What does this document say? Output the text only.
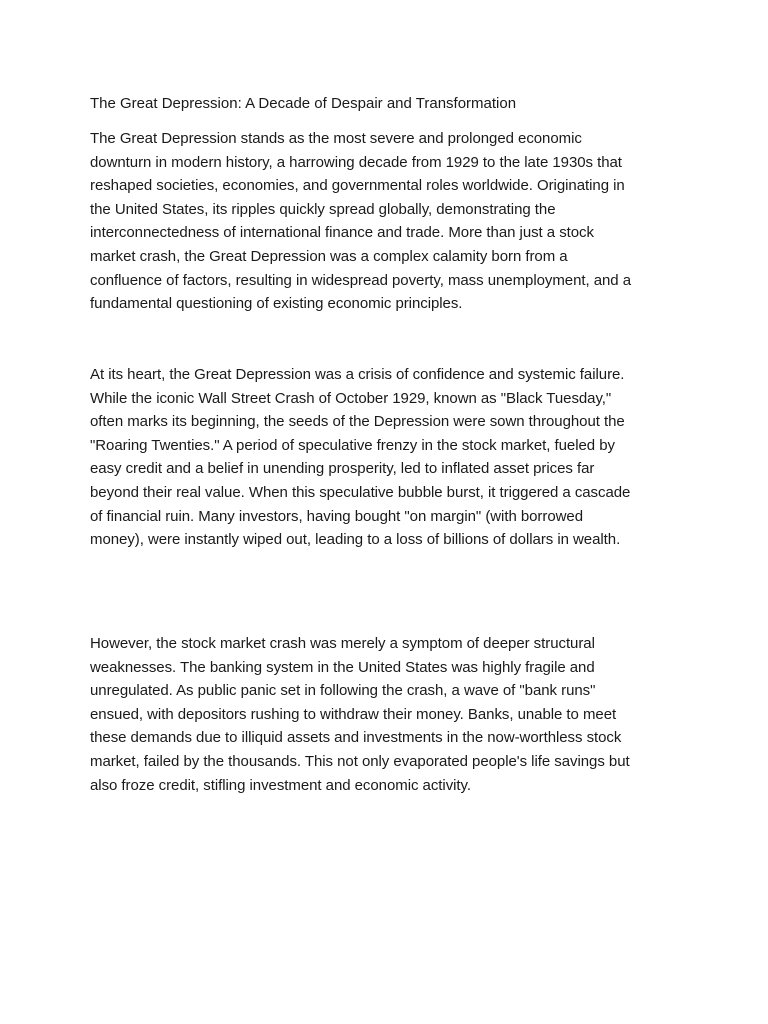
The Great Depression: A Decade of Despair and Transformation

The Great Depression stands as the most severe and prolonged economic
downturn in modern history, a harrowing decade from 1929 to the late 1930s that
reshaped societies, economies, and governmental roles worldwide. Originating in
the United States, its ripples quickly spread globally, demonstrating the
interconnectedness of international finance and trade. More than just a stock
market crash, the Great Depression was a complex calamity born from a
confluence of factors, resulting in widespread poverty, mass unemployment, and a
fundamental questioning of existing economic principles.

At its heart, the Great Depression was a crisis of confidence and systemic failure.
While the iconic Wall Street Crash of October 1929, known as "Black Tuesday,"
often marks its beginning, the seeds of the Depression were sown throughout the
"Roaring Twenties." A period of speculative frenzy in the stock market, fueled by
easy credit and a belief in unending prosperity, led to inflated asset prices far
beyond their real value. When this speculative bubble burst, it triggered a cascade
of financial ruin. Many investors, having bought "on margin" (with borrowed
money), were instantly wiped out, leading to a loss of billions of dollars in wealth.

However, the stock market crash was merely a symptom of deeper structural
weaknesses. The banking system in the United States was highly fragile and
unregulated. As public panic set in following the crash, a wave of "bank runs"
ensued, with depositors rushing to withdraw their money. Banks, unable to meet
these demands due to illiquid assets and investments in the now-worthless stock
market, failed by the thousands. This not only evaporated people's life savings but
also froze credit, stifling investment and economic activity.
